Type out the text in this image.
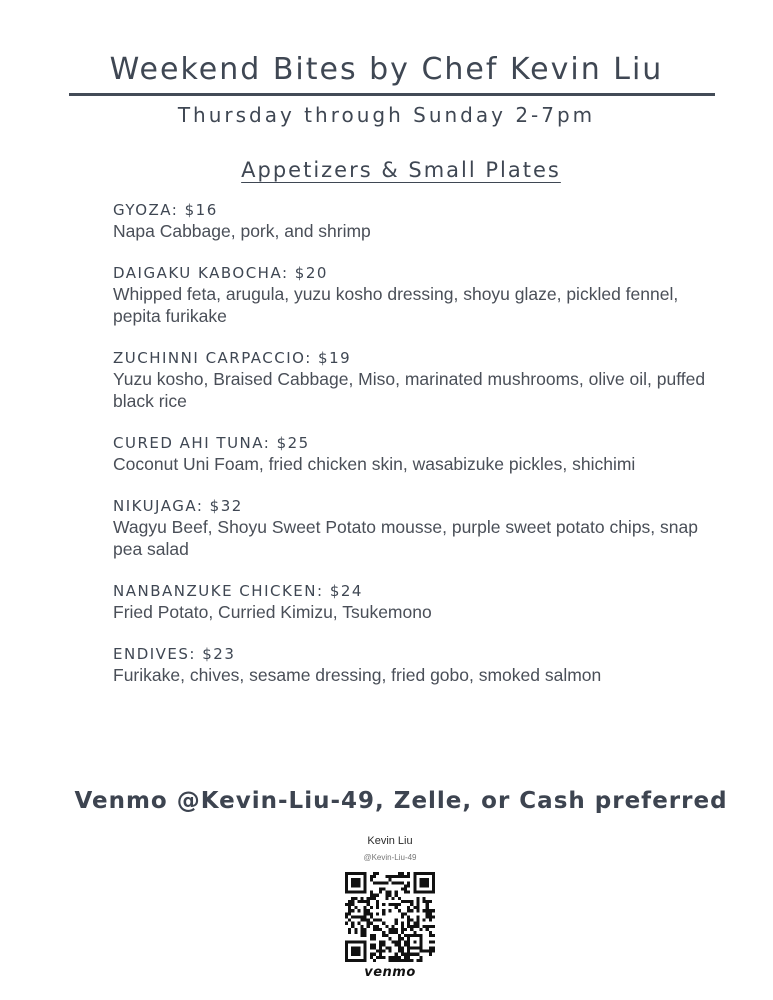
Weekend Bites by Chef Kevin Liu
Thursday through Sunday 2-7pm
Appetizers & Small Plates
GYOZA: $16
Napa Cabbage, pork, and shrimp
DAIGAKU KABOCHA: $20
Whipped feta, arugula, yuzu kosho dressing, shoyu glaze, pickled fennel, pepita furikake
ZUCHINNI CARPACCIO: $19
Yuzu kosho, Braised Cabbage, Miso, marinated mushrooms, olive oil, puffed black rice
CURED AHI TUNA: $25
Coconut Uni Foam, fried chicken skin, wasabizuke pickles, shichimi
NIKUJAGA: $32
Wagyu Beef, Shoyu Sweet Potato mousse, purple sweet potato chips, snap pea salad
NANBANZUKE CHICKEN: $24
Fried Potato, Curried Kimizu, Tsukemono
ENDIVES: $23
Furikake, chives, sesame dressing, fried gobo, smoked salmon
Venmo @Kevin-Liu-49, Zelle, or Cash preferred
Kevin Liu
@Kevin-Liu-49
venmo
